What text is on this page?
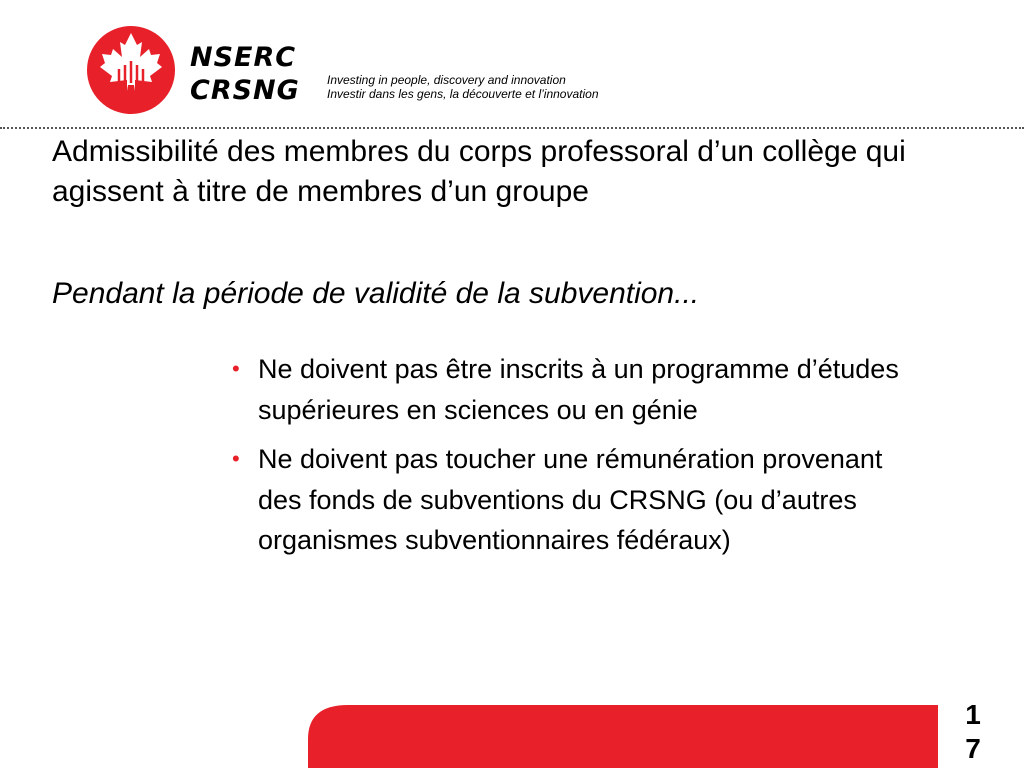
NSERC
CRSNG Investing in people, discovery and innovation
Investir dans les gens, la découverte et l’innovation
Admissibilité des membres du corps professoral d’un collège qui agissent à titre de membres d’un groupe

Pendant la période de validité de la subvention...

• Ne doivent pas être inscrits à un programme d’études supérieures en sciences ou en génie
• Ne doivent pas toucher une rémunération provenant des fonds de subventions du CRSNG (ou d’autres organismes subventionnaires fédéraux)
17
